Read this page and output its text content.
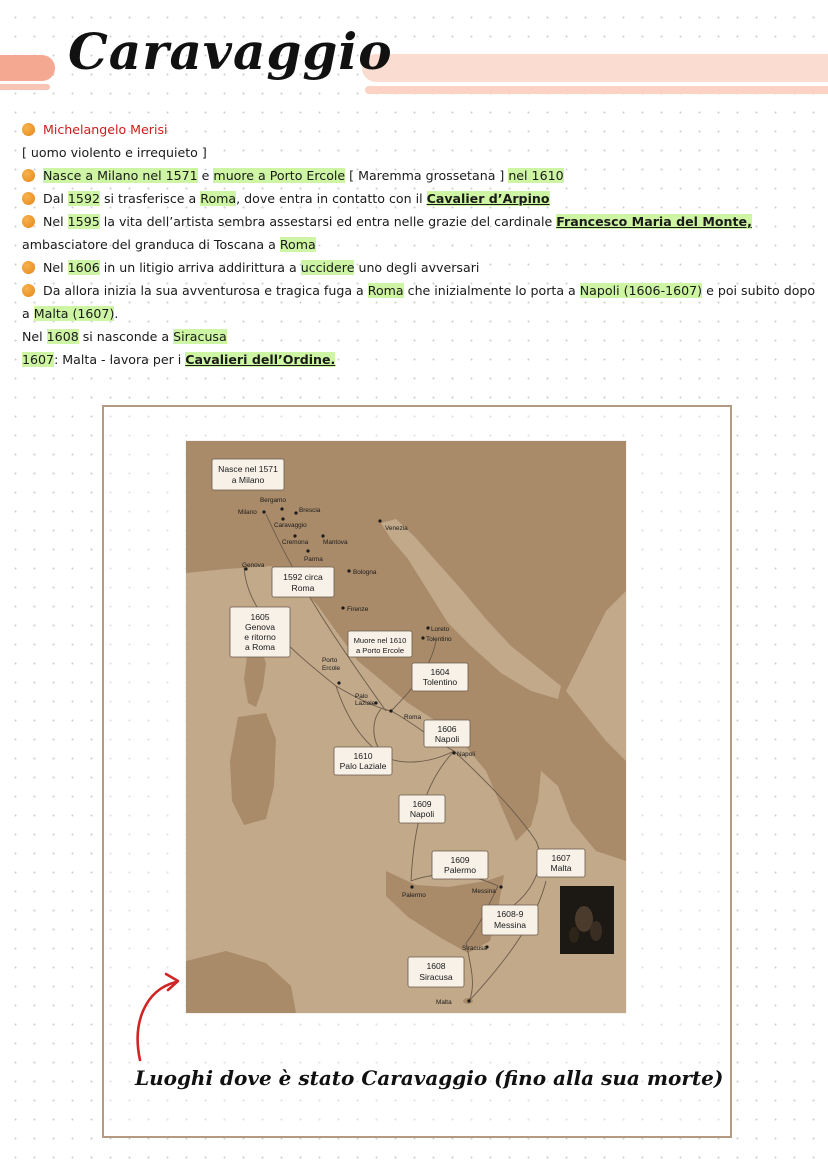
Caravaggio
Michelangelo Merisi
[ uomo violento e irrequieto ]
Nasce a Milano nel 1571 e muore a Porto Ercole [ Maremma grossetana ] nel 1610
Dal 1592 si trasferisce a Roma, dove entra in contatto con il Cavalier d’Arpino
Nel 1595 la vita dell’artista sembra assestarsi ed entra nelle grazie del cardinale Francesco Maria del Monte,
ambasciatore del granduca di Toscana a Roma
Nel 1606 in un litigio arriva addirittura a uccidere uno degli avversari
Da allora inizia la sua avventurosa e tragica fuga a Roma che inizialmente lo porta a Napoli (1606-1607) e poi subito dopo
a Malta (1607).
Nel 1608 si nasconde a Siracusa
1607: Malta - lavora per i Cavalieri dell’Ordine.
Bergamo
Milano	Brescia
Caravaggio
Cremona Mantova
Parma
Genova
Bologna
Venezia
Firenze
Loreto
Tolentino
Porto
Ercole
Palo
Laziale
Roma
Napoli
Messina
Palermo
Siracusa
Malta
Nasce nel 1571
a Milano
1592 circa
Roma
1605
Genova
e ritorno
a Roma
Muore nel 1610
a Porto Ercole
1604
Tolentino
1606
Napoli
1610
Palo Laziale
1609
Napoli
1609
Palermo
1607
Malta
1608-9
Messina
1608
Siracusa

Luoghi dove è stato Caravaggio (fino alla sua morte)
